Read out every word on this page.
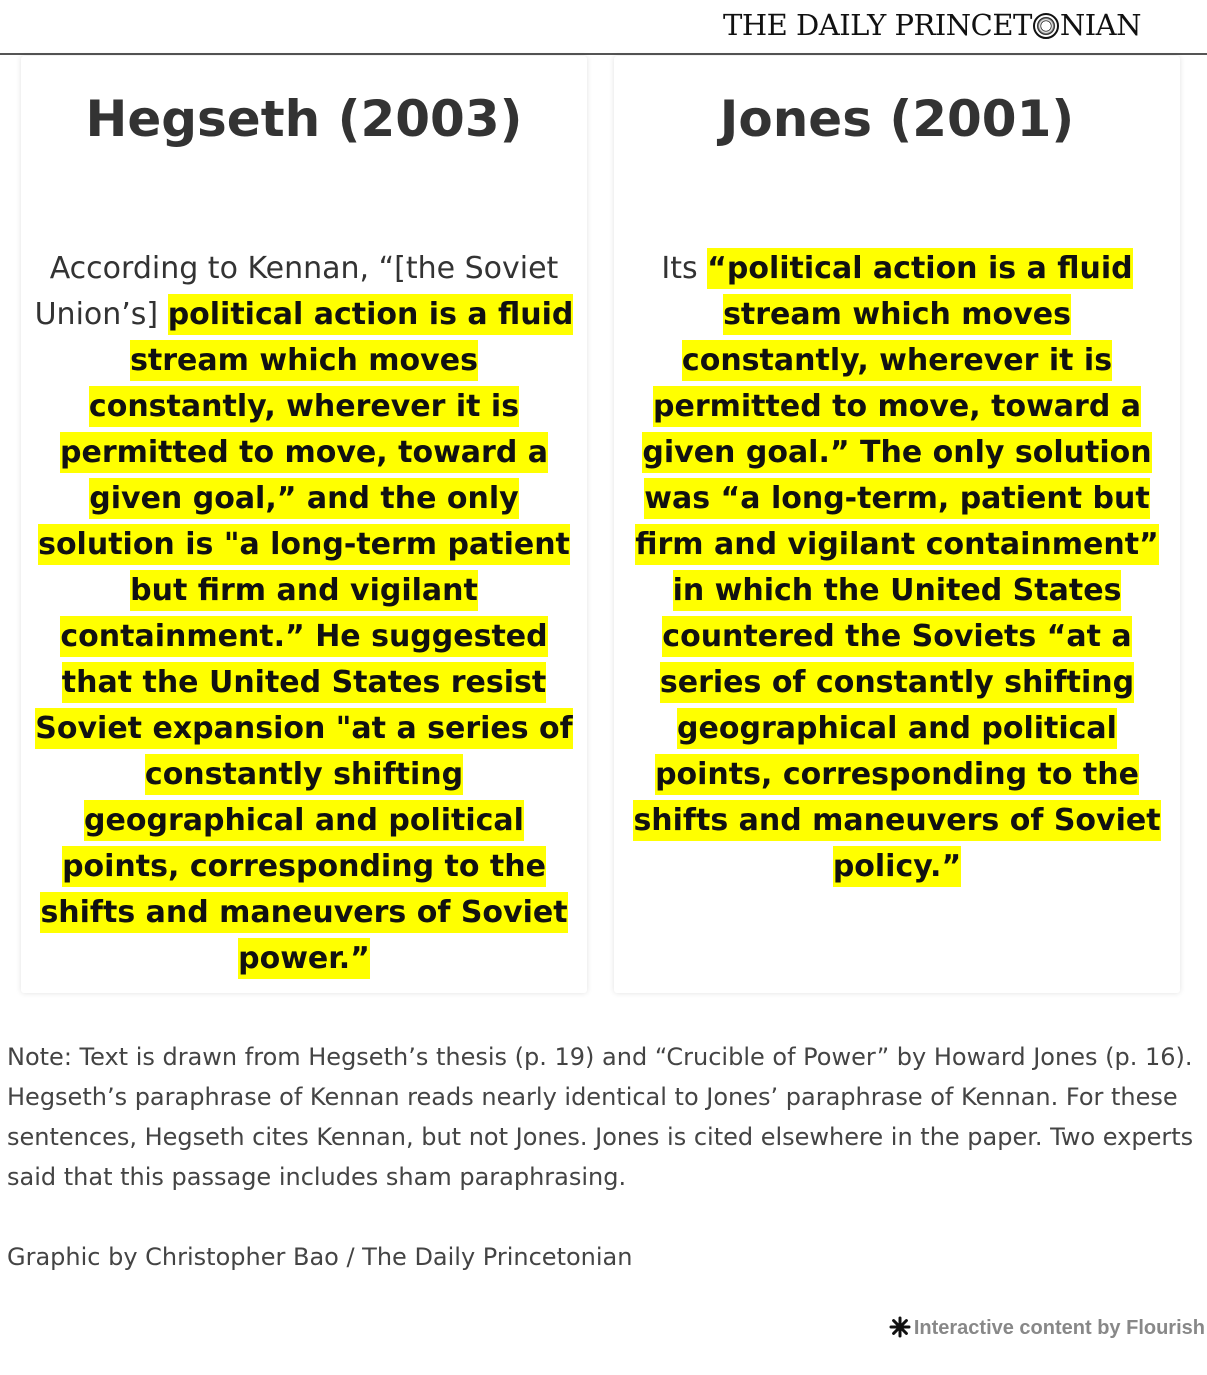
THE DAILY PRINCET NIAN
Hegseth (2003)
According to Kennan, “[the Soviet Union’s] political action is a fluid stream which moves constantly, wherever it is permitted to move, toward a given goal,” and the only solution is "a long-term patient but firm and vigilant containment.” He suggested that the United States resist Soviet expansion "at a series of constantly shifting geographical and political points, corresponding to the shifts and maneuvers of Soviet power.”
Jones (2001)
Its “political action is a fluid stream which moves constantly, wherever it is permitted to move, toward a given goal.” The only solution was “a long-term, patient but firm and vigilant containment” in which the United States countered the Soviets “at a series of constantly shifting geographical and political points, corresponding to the shifts and maneuvers of Soviet policy.”

Note: Text is drawn from Hegseth’s thesis (p. 19) and “Crucible of Power” by Howard Jones (p. 16). Hegseth’s paraphrase of Kennan reads nearly identical to Jones’ paraphrase of Kennan. For these sentences, Hegseth cites Kennan, but not Jones. Jones is cited elsewhere in the paper. Two experts said that this passage includes sham paraphrasing.

Graphic by Christopher Bao / The Daily Princetonian

Interactive content by Flourish
